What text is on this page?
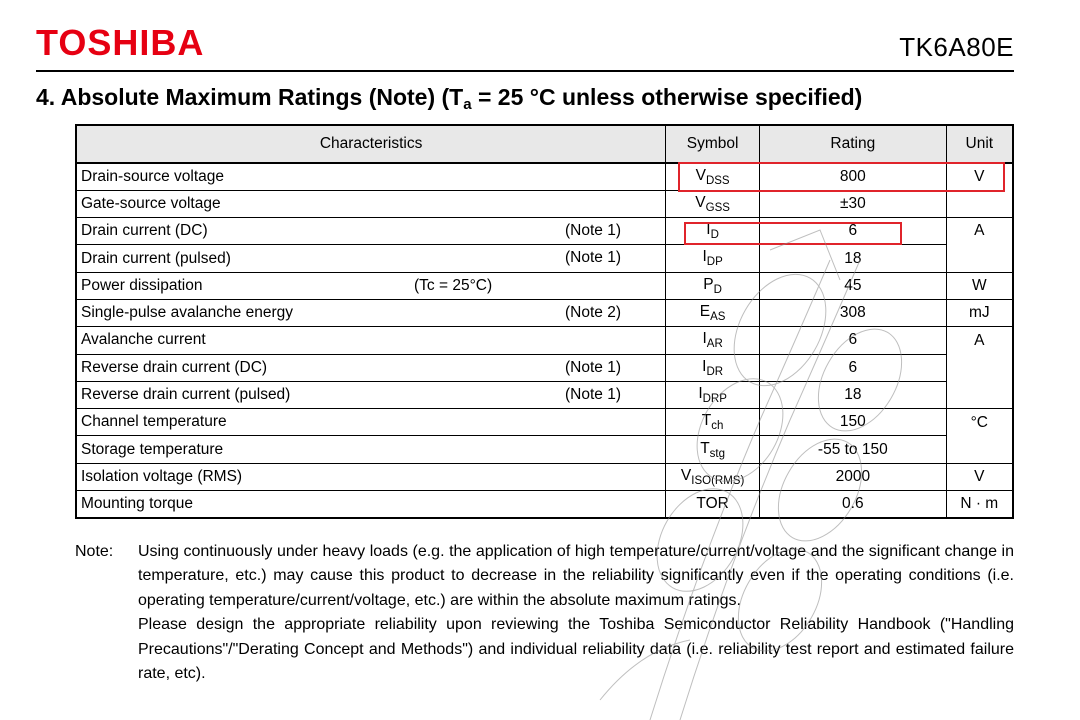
TOSHIBA	TK6A80E
4. Absolute Maximum Ratings (Note) (Ta = 25 °C unless otherwise specified)
Characteristics	Symbol	Rating	Unit
Drain-source voltage	$V_{DSS}$	800	V
Gate-source voltage	$V_{GSS}$	±30	
Drain current (DC) (Note 1)	$I_D$	6	A
Drain current (pulsed) (Note 1)	$I_{DP}$	18	
Power dissipation (Tc = 25°C)	$P_D$	45	W
Single-pulse avalanche energy (Note 2)	$E_{AS}$	308	mJ
Avalanche current	$I_{AR}$	6	A
Reverse drain current (DC) (Note 1)	$I_{DR}$	6	
Reverse drain current (pulsed) (Note 1)	$I_{DRP}$	18	
Channel temperature	$T_{ch}$	150	°C
Storage temperature	$T_{stg}$	-55 to 150	
Isolation voltage (RMS)	$V_{ISO(RMS)}$	2000	V
Mounting torque	TOR	0.6	N · m
Note: Using continuously under heavy loads (e.g. the application of high temperature/current/voltage and the significant change in temperature, etc.) may cause this product to decrease in the reliability significantly even if the operating conditions (i.e. operating temperature/current/voltage, etc.) are within the absolute maximum ratings.

Please design the appropriate reliability upon reviewing the Toshiba Semiconductor Reliability Handbook ("Handling Precautions"/"Derating Concept and Methods") and individual reliability data (i.e. reliability test report and estimated failure rate, etc).
